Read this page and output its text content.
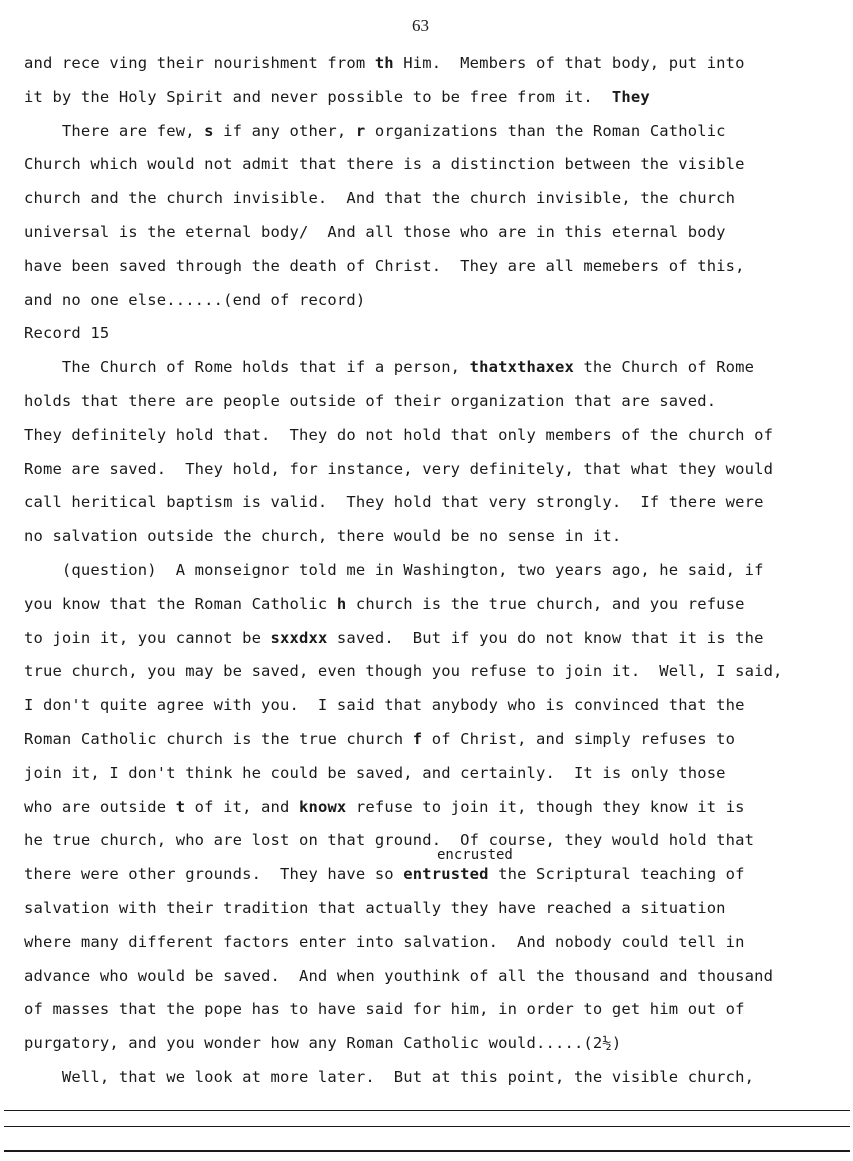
63
and rece ving their nourishment from th Him.  Members of that body, put into
it by the Holy Spirit and never possible to be free from it.  They
There are few, s if any other, r organizations than the Roman Catholic
Church which would not admit that there is a distinction between the visible
church and the church invisible.  And that the church invisible, the church
universal is the eternal body/  And all those who are in this eternal body
have been saved through the death of Christ.  They are all memebers of this,
and no one else......(end of record)
Record 15
The Church of Rome holds that if a person, thatxthaxex the Church of Rome
holds that there are people outside of their organization that are saved.
They definitely hold that.  They do not hold that only members of the church of
Rome are saved.  They hold, for instance, very definitely, that what they would
call heritical baptism is valid.  They hold that very strongly.  If there were
no salvation outside the church, there would be no sense in it.
(question)  A monseignor told me in Washington, two years ago, he said, if
you know that the Roman Catholic h church is the true church, and you refuse
to join it, you cannot be sxxdxx saved.  But if you do not know that it is the
true church, you may be saved, even though you refuse to join it.  Well, I said,
I don't quite agree with you.  I said that anybody who is convinced that the
Roman Catholic church is the true church f of Christ, and simply refuses to
join it, I don't think he could be saved, and certainly.  It is only those
who are outside t of it, and knowx refuse to join it, though they know it is
he true church, who are lost on that ground.  Of course, they would hold that
there were other grounds.  They have so entrusted the Scriptural teaching of
salvation with their tradition that actually they have reached a situation
where many different factors enter into salvation.  And nobody could tell in
advance who would be saved.  And when youthink of all the thousand and thousand
of masses that the pope has to have said for him, in order to get him out of
purgatory, and you wonder how any Roman Catholic would.....(2½)
Well, that we look at more later.  But at this point, the visible church,
encrusted
